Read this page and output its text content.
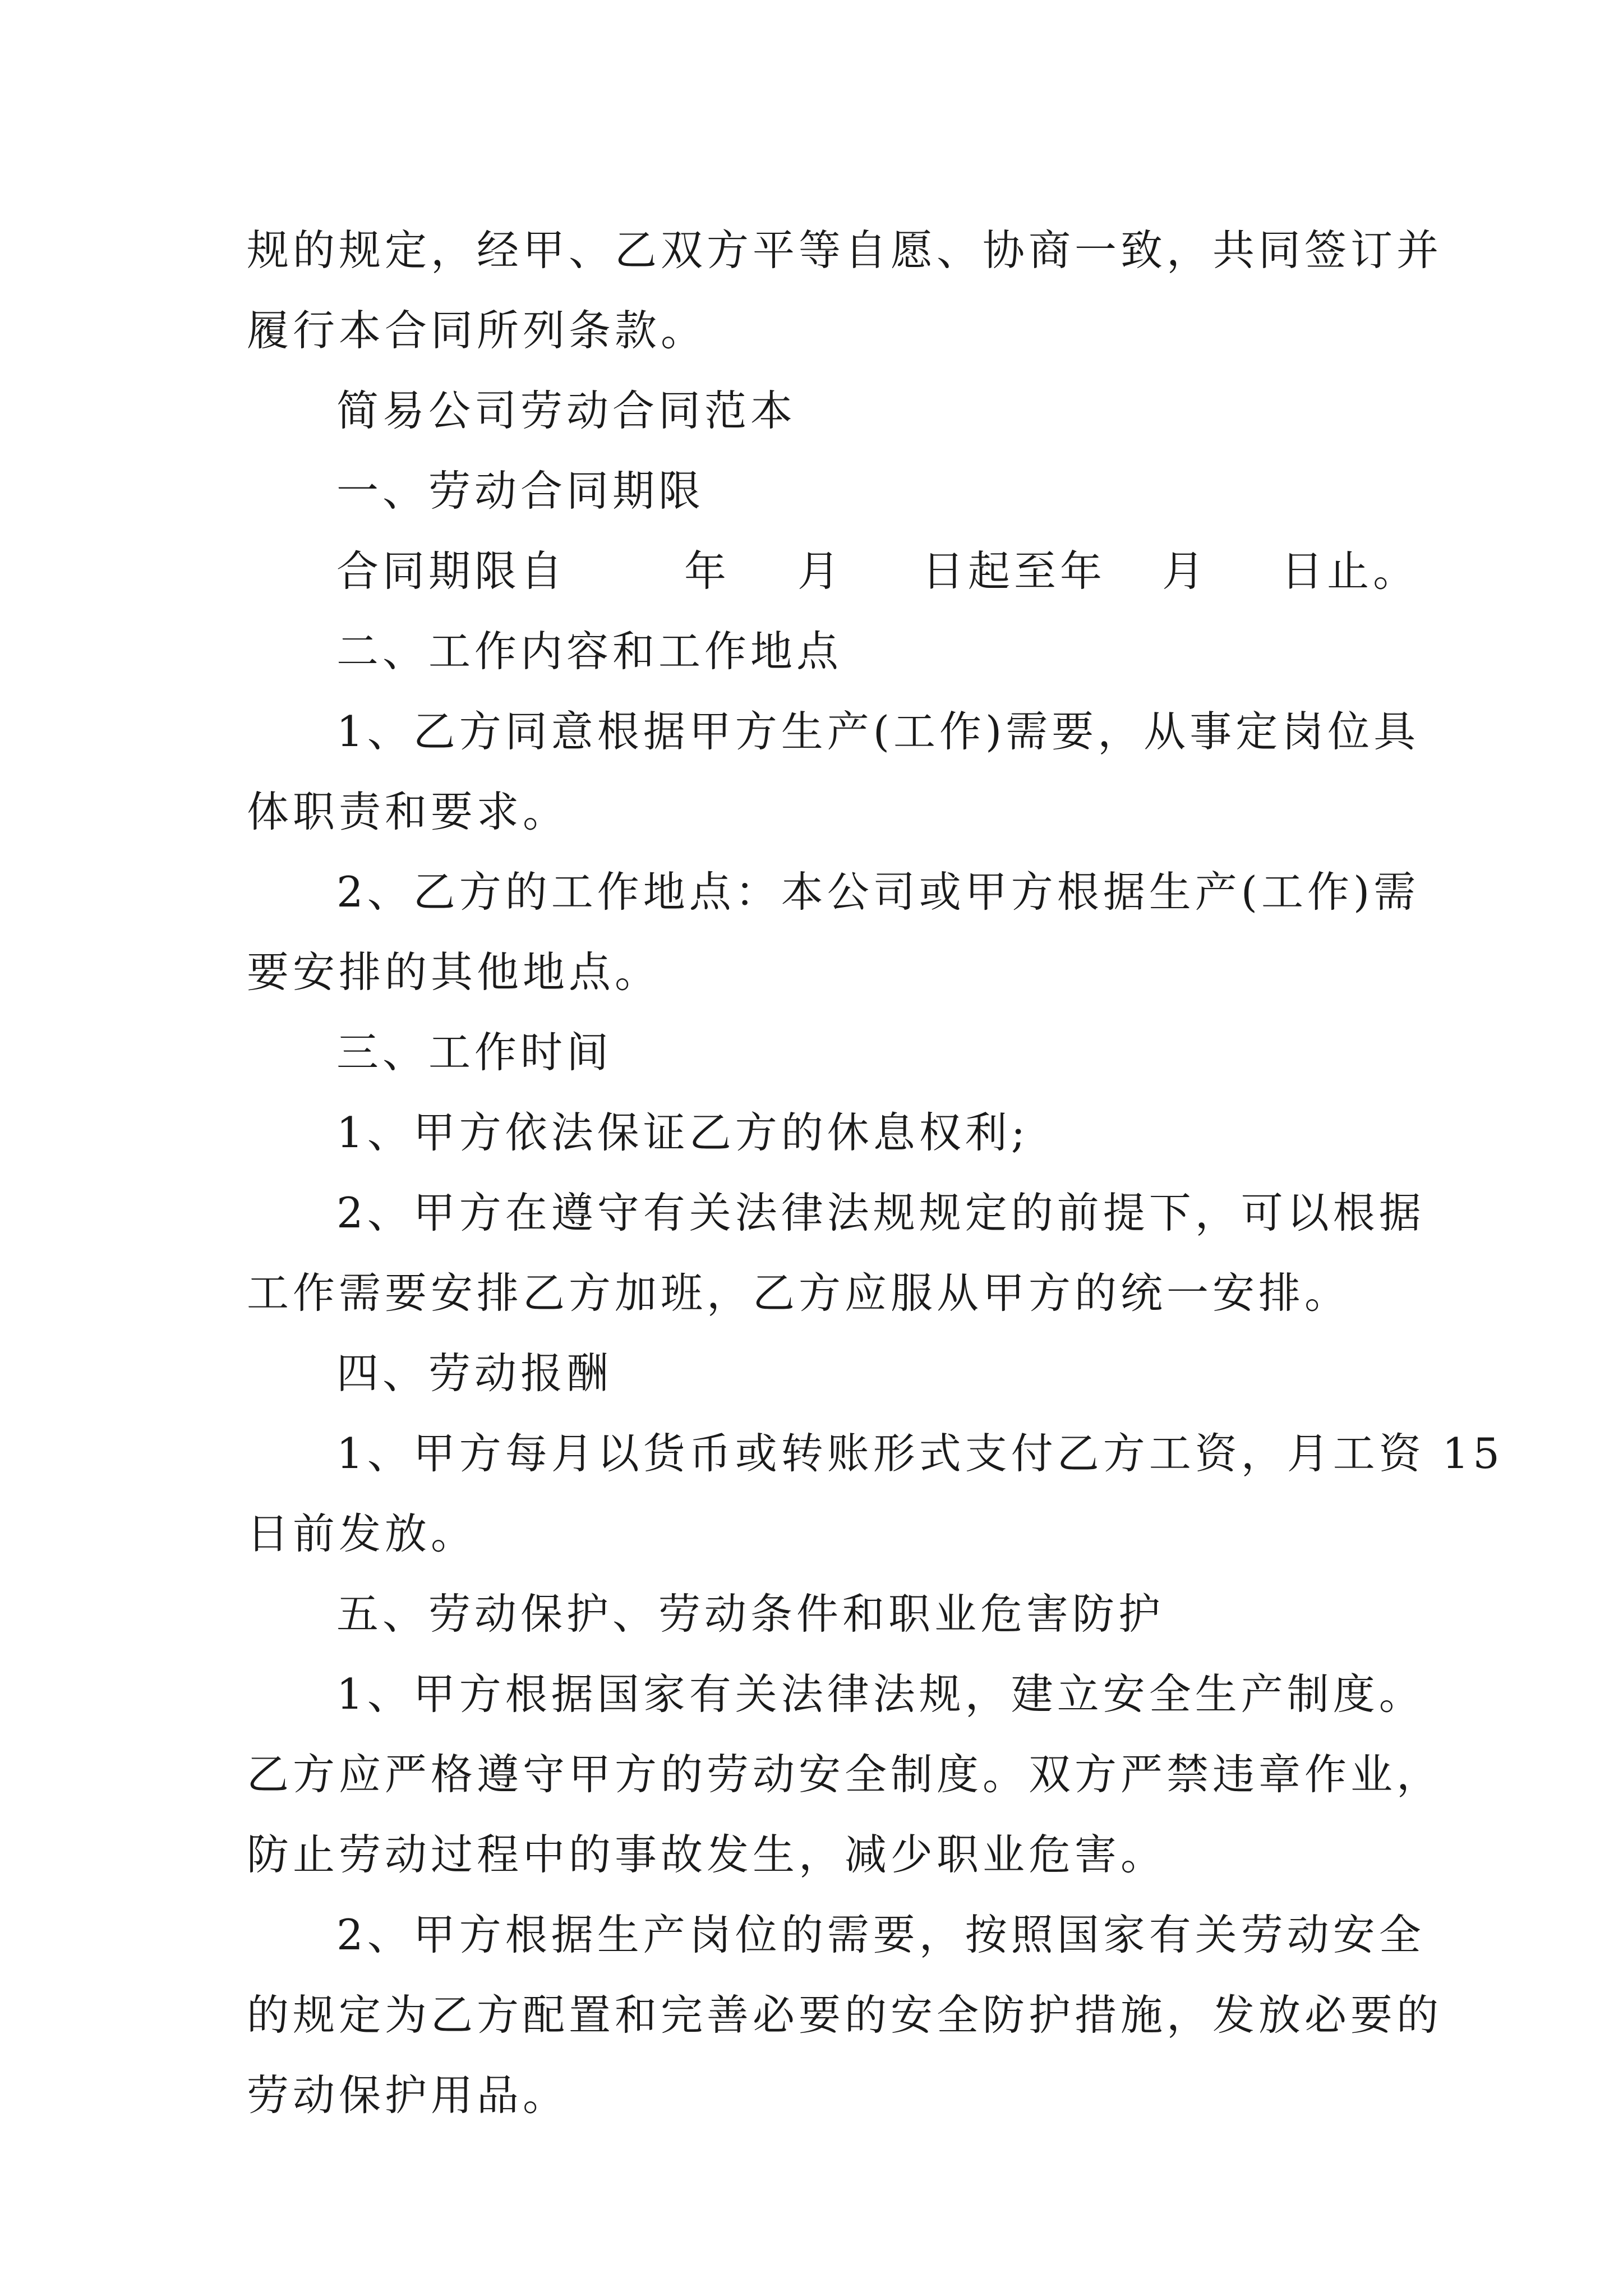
规的规定，经甲、乙双方平等自愿、协商一致，共同签订并
履行本合同所列条款。
简易公司劳动合同范本
一、劳动合同期限
合同期限自	年 月 日起至年 月 日止。
二、工作内容和工作地点
1、乙方同意根据甲方生产(工作)需要，从事定岗位具
体职责和要求。
2、乙方的工作地点：本公司或甲方根据生产(工作)需
要安排的其他地点。
三、工作时间
1、甲方依法保证乙方的休息权利;
2、甲方在遵守有关法律法规规定的前提下，可以根据
工作需要安排乙方加班，乙方应服从甲方的统一安排。
四、劳动报酬
1、甲方每月以货币或转账形式支付乙方工资，月工资 15
日前发放。
五、劳动保护、劳动条件和职业危害防护
1、甲方根据国家有关法律法规，建立安全生产制度。
乙方应严格遵守甲方的劳动安全制度。双方严禁违章作业，
防止劳动过程中的事故发生，减少职业危害。
2、甲方根据生产岗位的需要，按照国家有关劳动安全
的规定为乙方配置和完善必要的安全防护措施，发放必要的
劳动保护用品。
